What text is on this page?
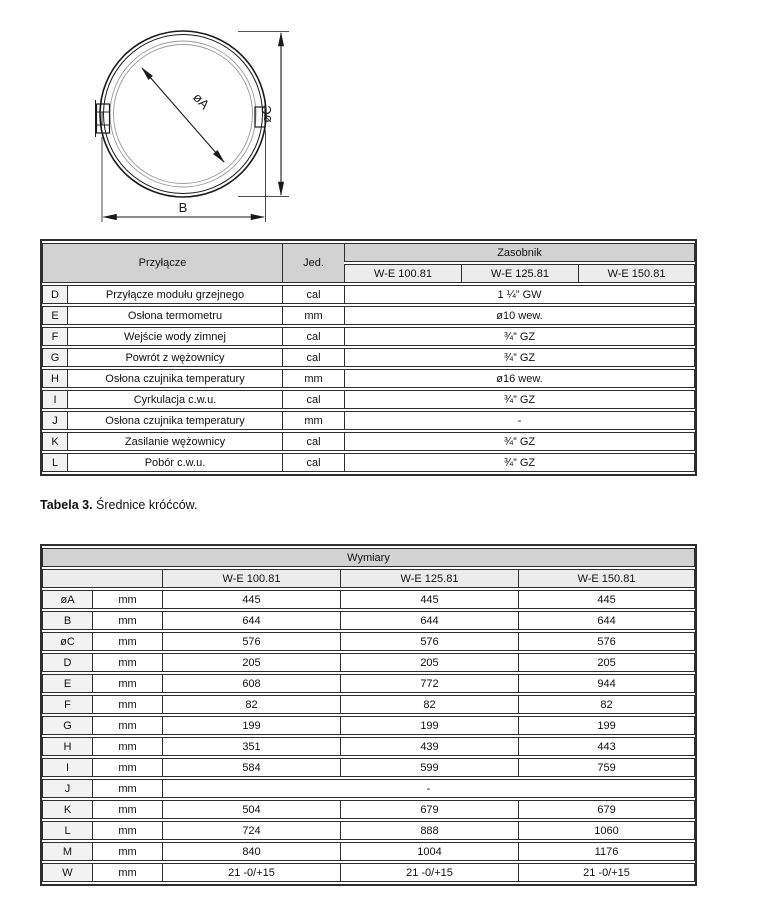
øA
øC
B
Przyłącze		Jed.	Zasobnik		
			W-E 100.81	W-E 125.81	W-E 150.81
D	Przyłącze modułu grzejnego	cal	1 ¼” GW		
E	Osłona termometru	mm	ø10 wew.		
F	Wejście wody zimnej	cal	¾” GZ		
G	Powrót z wężownicy	cal	¾” GZ		
H	Osłona czujnika temperatury	mm	ø16 wew.		
I	Cyrkulacja c.w.u.	cal	¾” GZ		
J	Osłona czujnika temperatury	mm	-		
K	Zasilanie wężownicy	cal	¾” GZ		
L	Pobór c.w.u.	cal	¾” GZ		

Tabela 3. Średnice króćców.

Wymiary				
		W-E 100.81	W-E 125.81	W-E 150.81
øA	mm	445	445	445
B	mm	644	644	644
øC	mm	576	576	576
D	mm	205	205	205
E	mm	608	772	944
F	mm	82	82	82
G	mm	199	199	199
H	mm	351	439	443
I	mm	584	599	759
J	mm	-		
K	mm	504	679	679
L	mm	724	888	1060
M	mm	840	1004	1176
W	mm	21 -0/+15	21 -0/+15	21 -0/+15
